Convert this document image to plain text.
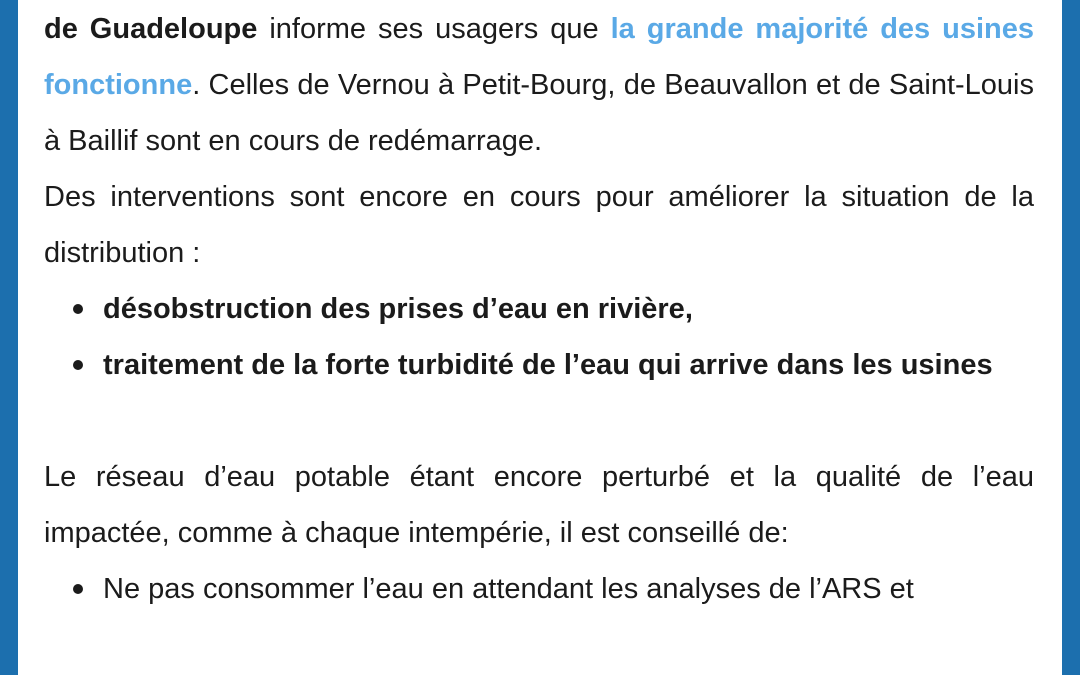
de Guadeloupe informe ses usagers que la grande majorité des usines fonctionne. Celles de Vernou à Petit-Bourg, de Beauvallon et de Saint-Louis à Baillif sont en cours de redémarrage.

Des interventions sont encore en cours pour améliorer la situation de la distribution :

désobstruction des prises d’eau en rivière,
traitement de la forte turbidité de l’eau qui arrive dans les usines

Le réseau d’eau potable étant encore perturbé et la qualité de l’eau impactée, comme à chaque intempérie, il est conseillé de:

Ne pas consommer l’eau en attendant les analyses de l’ARS et
